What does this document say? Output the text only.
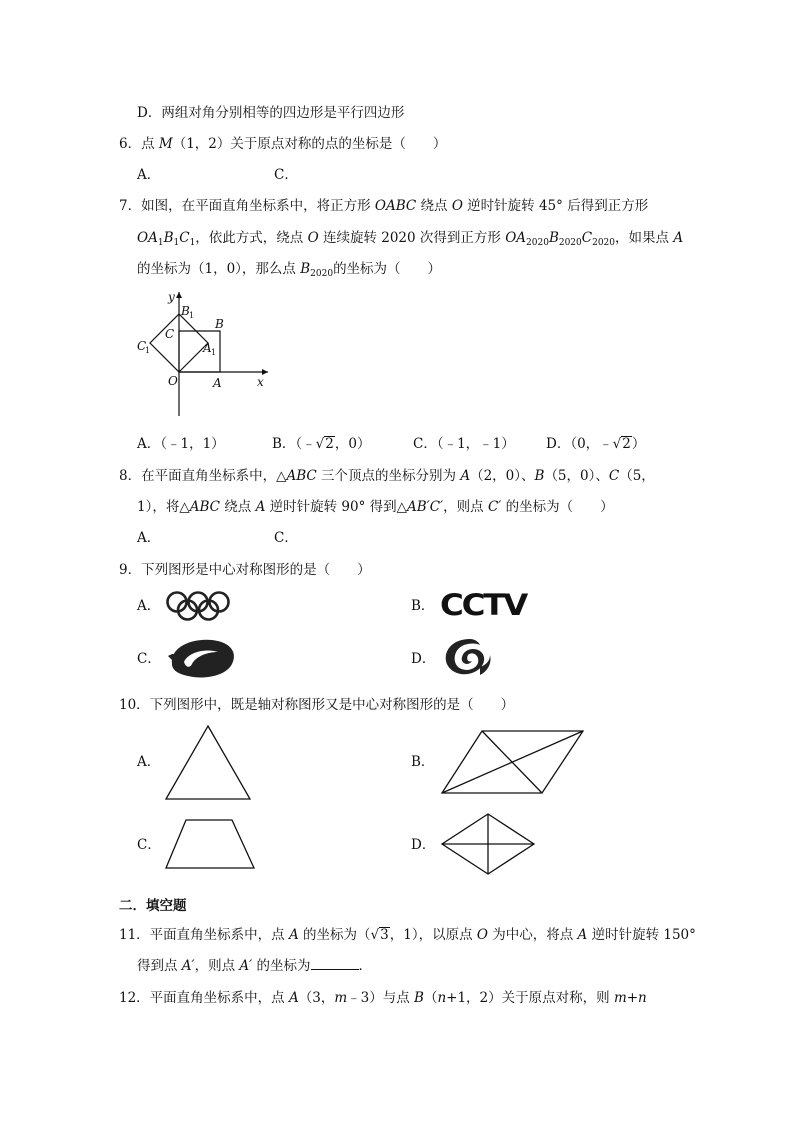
D．两组对角分别相等的四边形是平行四边形
6．点 M（1，2）关于原点对称的点的坐标是（　　）
A．	C．
7．如图，在平面直角坐标系中，将正方形 OABC 绕点 O 逆时针旋转 45° 后得到正方形
$OA_1B_1C_1$，依此方式，绕点 O 连续旋转 2020 次得到正方形 $OA_{2020}B_{2020}C_{2020}$，如果点 A
的坐标为（1，0），那么点 $B_{2020}$的坐标为（　　）
y
x
O	A
B
C
A 1
B 1
C
1
A．（﹣1，1）	B．（﹣√2，0）	C．（﹣1，﹣1） D．（0，﹣√2）
8．在平面直角坐标系中，△ABC 三个顶点的坐标分别为 A（2，0）、B（5，0）、C（5，
1），将△ABC 绕点 A 逆时针旋转 90° 得到△AB′C′，则点 C′ 的坐标为（　　）
A．	C．
9．下列图形是中心对称图形的是（　　）
A．	B． CCTV
C．	D．
10．下列图形中，既是轴对称图形又是中心对称图形的是（　　）
A．	B．
C．	D．
二．填空题
11．平面直角坐标系中，点 A 的坐标为（√3，1），以原点 O 为中心，将点 A 逆时针旋转 150°
得到点 A′，则点 A′ 的坐标为	．
12．平面直角坐标系中，点 A（3，m﹣3）与点 B（n+1，2）关于原点对称，则 m+n
